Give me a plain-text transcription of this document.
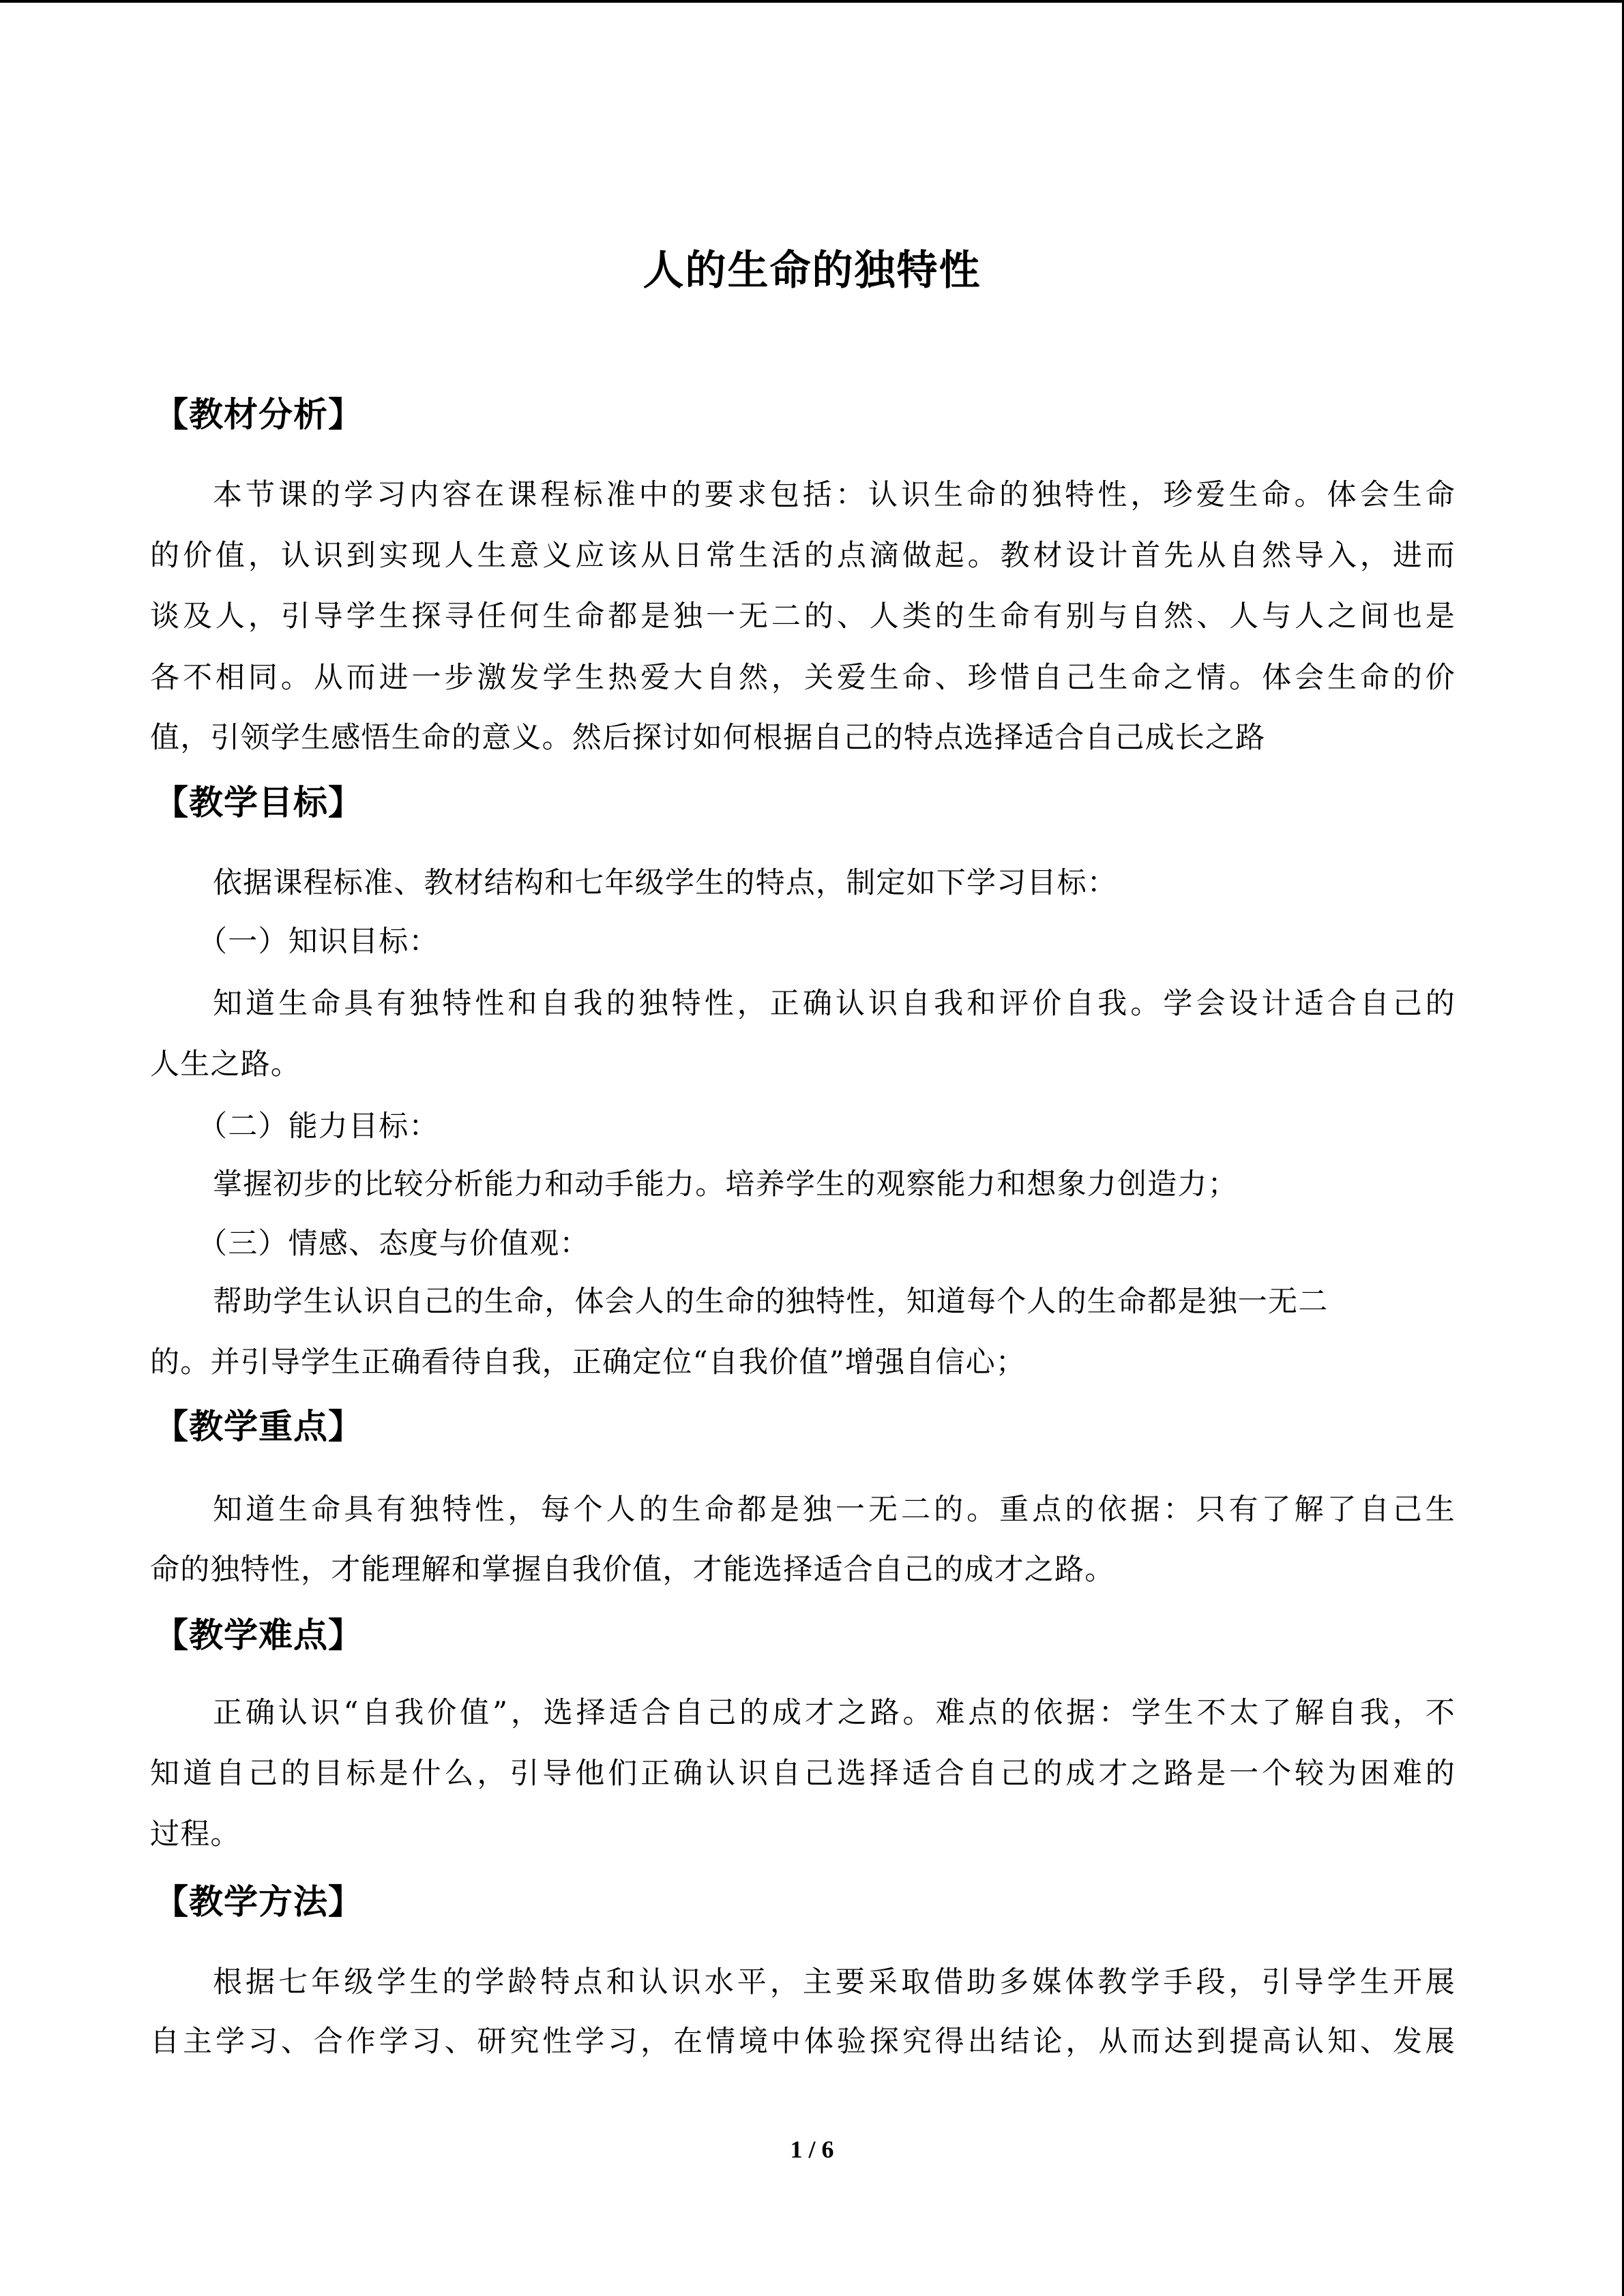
人的生命的独特性
【教材分析】
本节课的学习内容在课程标准中的要求包括：认识生命的独特性，珍爱生命。体会生命
的价值，认识到实现人生意义应该从日常生活的点滴做起。教材设计首先从自然导入，进而
谈及人，引导学生探寻任何生命都是独一无二的、人类的生命有别与自然、人与人之间也是
各不相同。从而进一步激发学生热爱大自然，关爱生命、珍惜自己生命之情。体会生命的价
值，引领学生感悟生命的意义。然后探讨如何根据自己的特点选择适合自己成长之路
【教学目标】
依据课程标准、教材结构和七年级学生的特点，制定如下学习目标：
（一）知识目标：
知道生命具有独特性和自我的独特性，正确认识自我和评价自我。学会设计适合自己的
人生之路。
（二）能力目标：
掌握初步的比较分析能力和动手能力。培养学生的观察能力和想象力创造力；
（三）情感、态度与价值观：
帮助学生认识自己的生命，体会人的生命的独特性，知道每个人的生命都是独一无二
的。并引导学生正确看待自我，正确定位“自我价值”增强自信心；
【教学重点】
知道生命具有独特性，每个人的生命都是独一无二的。重点的依据：只有了解了自己生
命的独特性，才能理解和掌握自我价值，才能选择适合自己的成才之路。
【教学难点】
正确认识“自我价值”，选择适合自己的成才之路。难点的依据：学生不太了解自我，不
知道自己的目标是什么，引导他们正确认识自己选择适合自己的成才之路是一个较为困难的
过程。
【教学方法】
根据七年级学生的学龄特点和认识水平，主要采取借助多媒体教学手段，引导学生开展
自主学习、合作学习、研究性学习，在情境中体验探究得出结论，从而达到提高认知、发展
1 / 6
